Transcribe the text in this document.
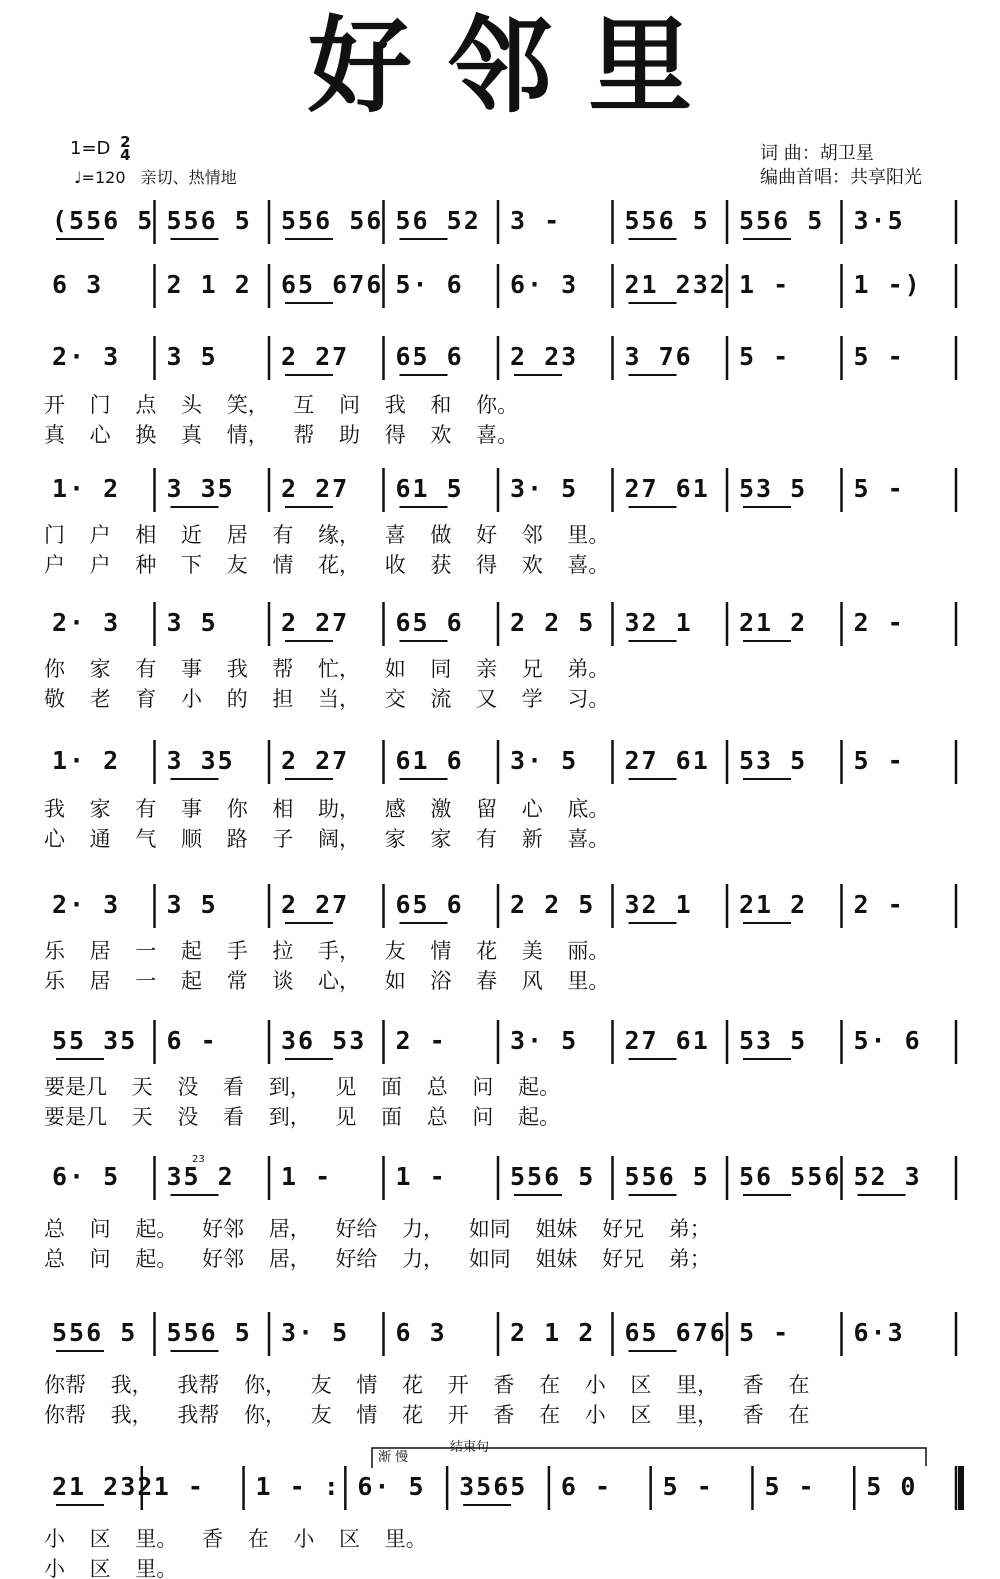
好 邻 里
1=D 2
4
♩=120 亲切、热情地
词 曲：胡卫星
编曲首唱：共享阳光
(556 5 556 5 556 56 56 52 3 -	556 5 556 5 3·5
6 3	2 1 2 65 676 5· 6 6· 3 21 232 1 -	1 -)
2· 3 3 5	2 27 65 6 2 23 3 76 5 -	5 -
开 门 点 头 笑， 互 问 我 和 你。
真 心 换 真 情， 帮 助 得 欢 喜。
1· 2 3 35 2 27 61 5 3· 5 27 61 53 5 5 -
门 户 相 近 居 有 缘， 喜 做 好 邻 里。
户 户 种 下 友 情 花， 收 获 得 欢 喜。
2· 3 3 5	2 27 65 6 2 2 5 32 1 21 2 2 -
你 家 有 事 我 帮 忙， 如 同 亲 兄 弟。
敬 老 育 小 的 担 当， 交 流 又 学 习。
1· 2 3 35 2 27 61 6 3· 5 27 61 53 5 5 -
我 家 有 事 你 相 助， 感 激 留 心 底。
心 通 气 顺 路 子 阔， 家 家 有 新 喜。
2· 3 3 5	2 27 65 6 2 2 5 32 1 21 2 2 -
乐 居 一 起 手 拉 手， 友 情 花 美 丽。
乐 居 一 起 常 谈 心， 如 浴 春 风 里。
55 35 6 -	36 53 2 -	3· 5 27 61 53 5 5· 6
要是几 天 没 看 到， 见 面 总 问 起。
要是几 天 没 看 到， 见 面 总 问 起。
6· 5 35 2 1 -	1 -	556 5 556 5 56 556 52 3
总 问 起。 好邻 居， 好给 力， 如同 姐妹 好兄 弟；
总 问 起。 好邻 居， 好给 力， 如同 姐妹 好兄 弟；
556 5 556 5 3· 5 6 3	2 1 2 65 676 5 -	6·3
你帮 我， 我帮 你， 友 情 花 开 香 在 小 区 里， 香 在
你帮 我， 我帮 你， 友 情 花 开 香 在 小 区 里， 香 在
21 232 1 - 1 - : 6· 5 3565 6 - 5 - 5 - 5 0
小 区 里。 香 在 小 区 里。
小 区 里。
渐 慢
结束句
23
